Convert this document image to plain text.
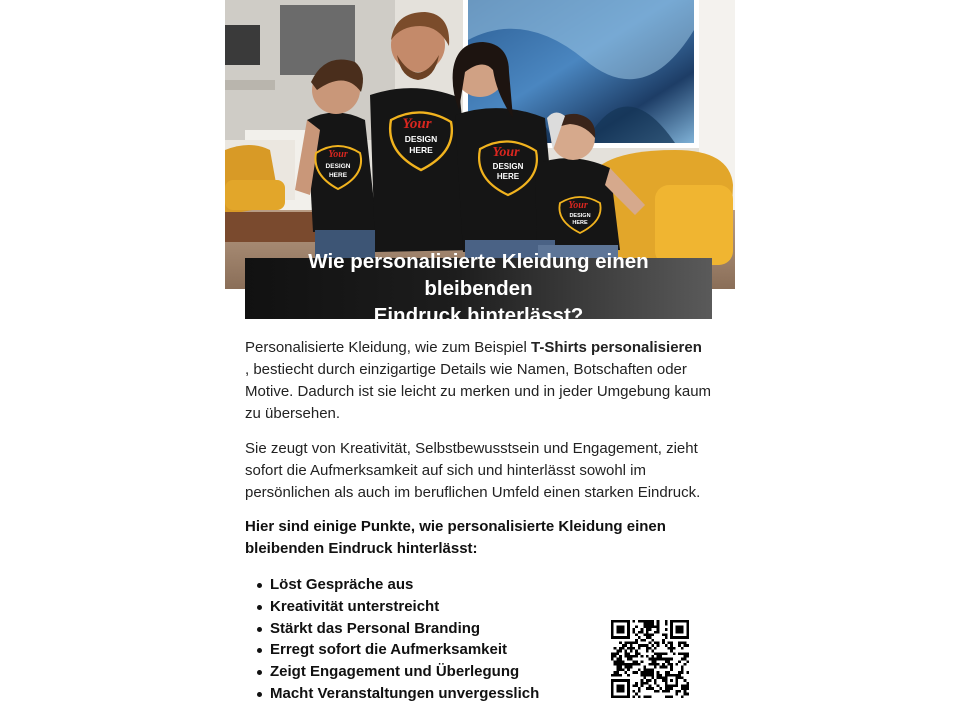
Your
DESIGN
HERE
Your
DESIGN
HERE	Your
DESIGN
HERE
Your
DESIGN
HERE
Wie personalisierte Kleidung einen bleibenden
Eindruck hinterlässt?

Personalisierte Kleidung, wie zum Beispiel T-Shirts personalisieren
, bestiecht durch einzigartige Details wie Namen, Botschaften oder Motive. Dadurch ist sie leicht zu merken und in jeder Umgebung kaum zu übersehen.

Sie zeugt von Kreativität, Selbstbewusstsein und Engagement, zieht sofort die Aufmerksamkeit auf sich und hinterlässt sowohl im persönlichen als auch im beruflichen Umfeld einen starken Eindruck.

Hier sind einige Punkte, wie personalisierte Kleidung einen bleibenden Eindruck hinterlässt:

Löst Gespräche aus
Kreativität unterstreicht
Stärkt das Personal Branding
Erregt sofort die Aufmerksamkeit
Zeigt Engagement und Überlegung
Macht Veranstaltungen unvergesslich
